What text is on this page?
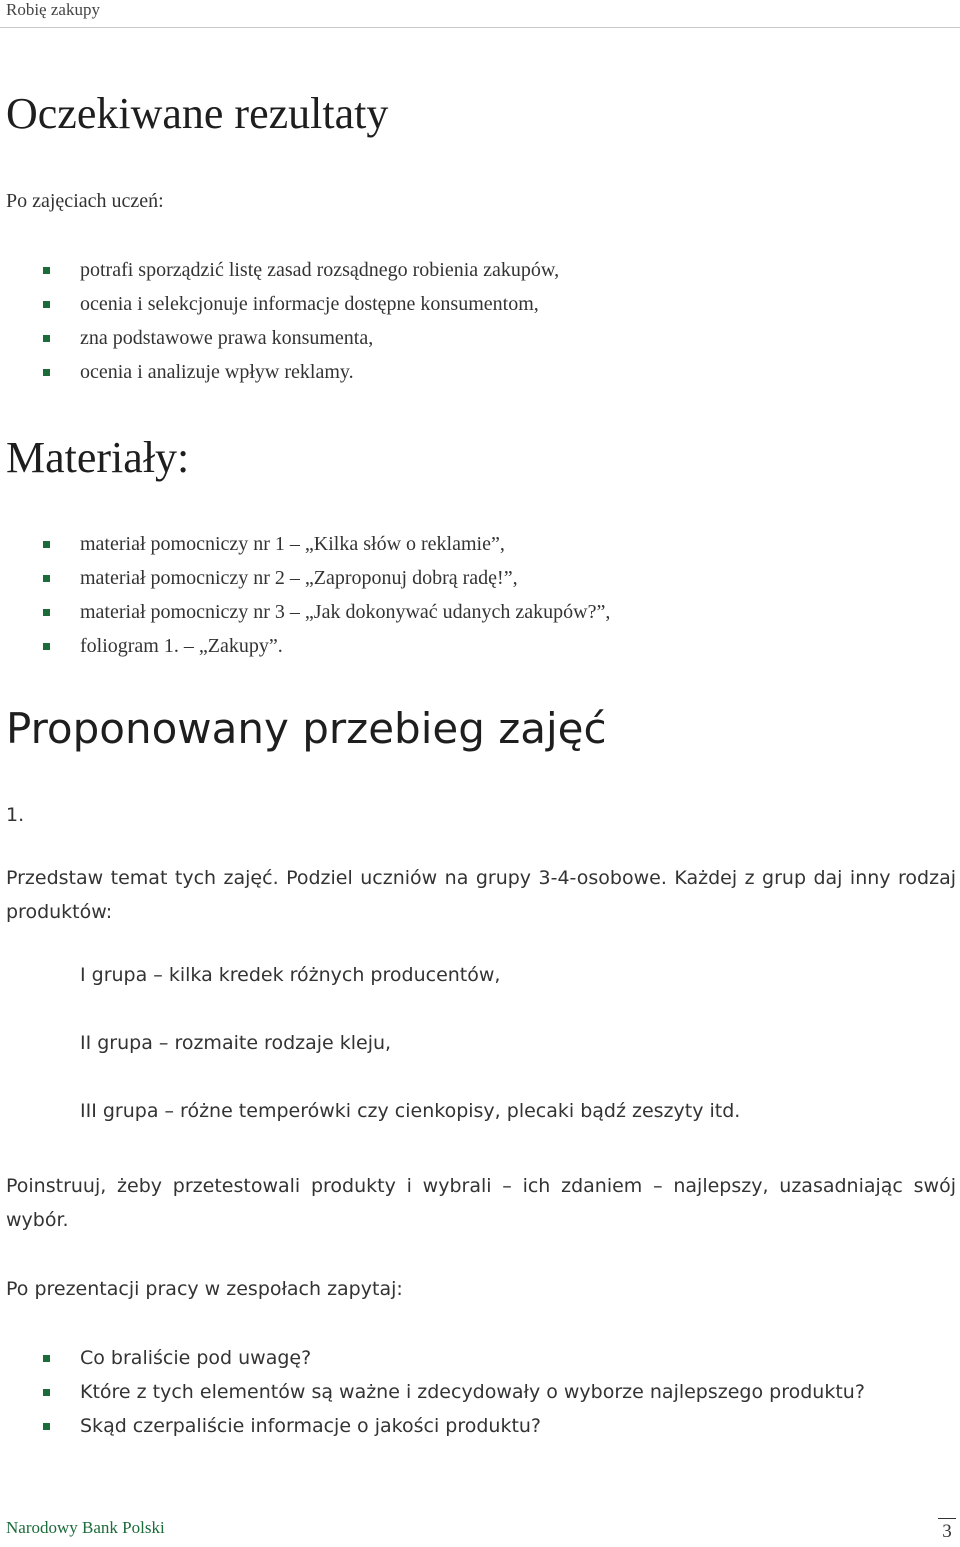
Robię zakupy
Oczekiwane rezultaty

Po zajęciach uczeń:

potrafi sporządzić listę zasad rozsądnego robienia zakupów,
ocenia i selekcjonuje informacje dostępne konsumentom,
zna podstawowe prawa konsumenta,
ocenia i analizuje wpływ reklamy.
Materiały:
materiał pomocniczy nr 1 – „Kilka słów o reklamie”,
materiał pomocniczy nr 2 – „Zaproponuj dobrą radę!”,
materiał pomocniczy nr 3 – „Jak dokonywać udanych zakupów?”,
foliogram 1. – „Zakupy”.
Proponowany przebieg zajęć

1.

Przedstaw temat tych zajęć. Podziel uczniów na grupy 3-4-osobowe. Każdej z grup daj inny rodzaj produktów:

I grupa – kilka kredek różnych producentów,

II grupa – rozmaite rodzaje kleju,

III grupa – różne temperówki czy cienkopisy, plecaki bądź zeszyty itd.

Poinstruuj, żeby przetestowali produkty i wybrali – ich zdaniem – najlepszy, uzasadniając swój wybór.

Po prezentacji pracy w zespołach zapytaj:

Co braliście pod uwagę?
Które z tych elementów są ważne i zdecydowały o wyborze najlepszego produktu?
Skąd czerpaliście informacje o jakości produktu?
Narodowy Bank Polski	3
